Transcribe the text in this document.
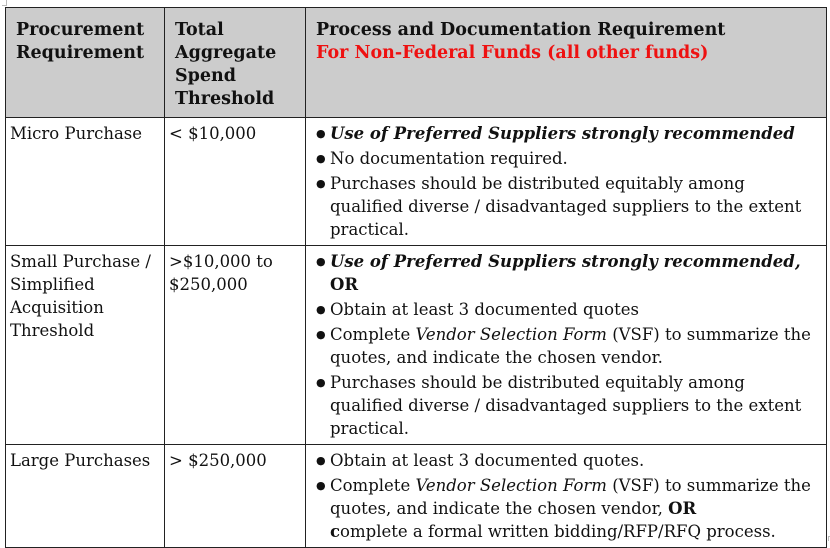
Procurement Requirement	Total Aggregate Spend Threshold	Process and Documentation Requirement
For Non-Federal Funds (all other funds)

Micro Purchase	< $10,000	
●Use of Preferred Suppliers strongly recommended
● No documentation required.
● Purchases should be distributed equitably among qualified diverse / disadvantaged suppliers to the extent practical.

Small Purchase / Simplified Acquisition Threshold	>$10,000 to $250,000	
● Use of Preferred Suppliers strongly recommended, OR
● Obtain at least 3 documented quotes
● Complete Vendor Selection Form (VSF) to summarize the quotes, and indicate the chosen vendor.
● Purchases should be distributed equitably among qualified diverse / disadvantaged suppliers to the extent practical.

Large Purchases	> $250,000	
●Obtain at least 3 documented quotes.
● Complete Vendor Selection Form (VSF) to summarize the quotes, and indicate the chosen vendor, OR
complete a formal written bidding/RFP/RFQ process.
